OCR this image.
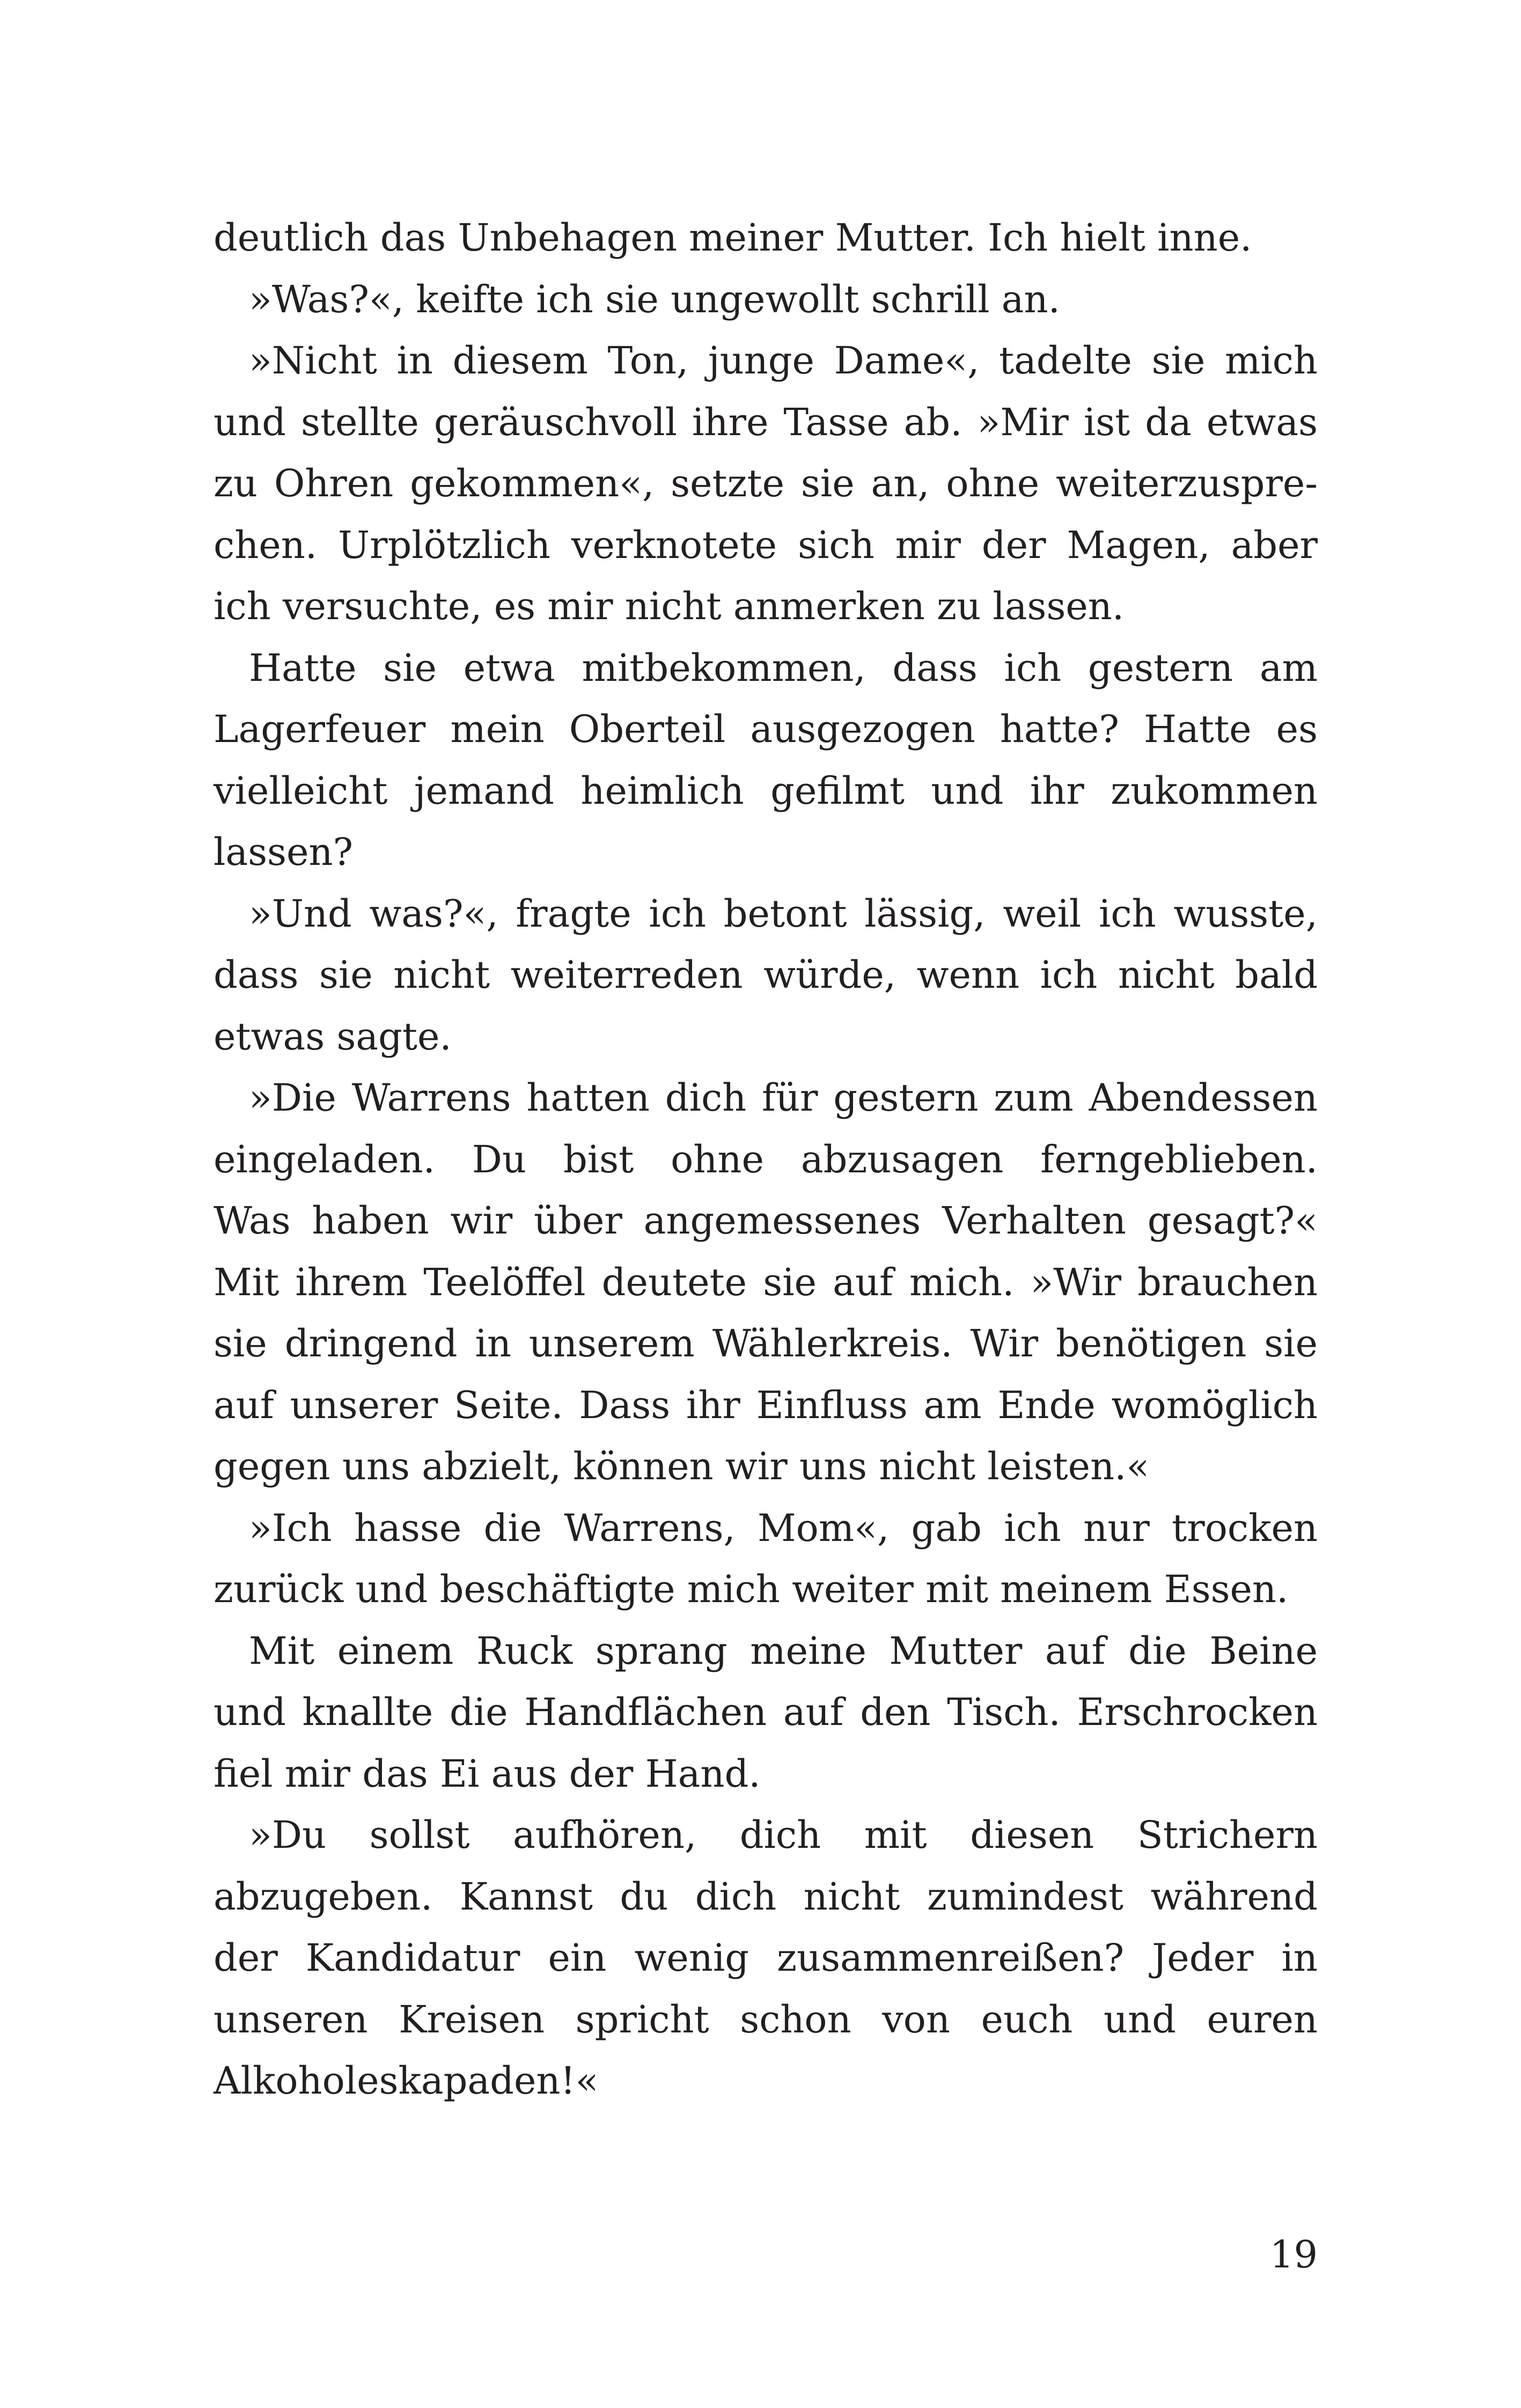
deutlich das Unbehagen meiner Mutter. Ich hielt inne.
»Was?«, keifte ich sie ungewollt schrill an.
»Nicht in diesem Ton, junge Dame«, tadelte sie mich
und stellte geräuschvoll ihre Tasse ab. »Mir ist da etwas
zu Ohren gekommen«, setzte sie an, ohne weiterzuspre-
chen. Urplötzlich verknotete sich mir der Magen, aber
ich versuchte, es mir nicht anmerken zu lassen.
Hatte sie etwa mitbekommen, dass ich gestern am
Lagerfeuer mein Oberteil ausgezogen hatte? Hatte es
vielleicht jemand heimlich gefilmt und ihr zukommen
lassen?
»Und was?«, fragte ich betont lässig, weil ich wusste,
dass sie nicht weiterreden würde, wenn ich nicht bald
etwas sagte.
»Die Warrens hatten dich für gestern zum Abendessen
eingeladen. Du bist ohne abzusagen ferngeblieben.
Was haben wir über angemessenes Verhalten gesagt?«
Mit ihrem Teelöffel deutete sie auf mich. »Wir brauchen
sie dringend in unserem Wählerkreis. Wir benötigen sie
auf unserer Seite. Dass ihr Einfluss am Ende womöglich
gegen uns abzielt, können wir uns nicht leisten.«
»Ich hasse die Warrens, Mom«, gab ich nur trocken
zurück und beschäftigte mich weiter mit meinem Essen.
Mit einem Ruck sprang meine Mutter auf die Beine
und knallte die Handflächen auf den Tisch. Erschrocken
fiel mir das Ei aus der Hand.
»Du sollst aufhören, dich mit diesen Strichern
abzugeben. Kannst du dich nicht zumindest während
der Kandidatur ein wenig zusammenreißen? Jeder in
unseren Kreisen spricht schon von euch und euren
Alkoholeskapaden!«
19
